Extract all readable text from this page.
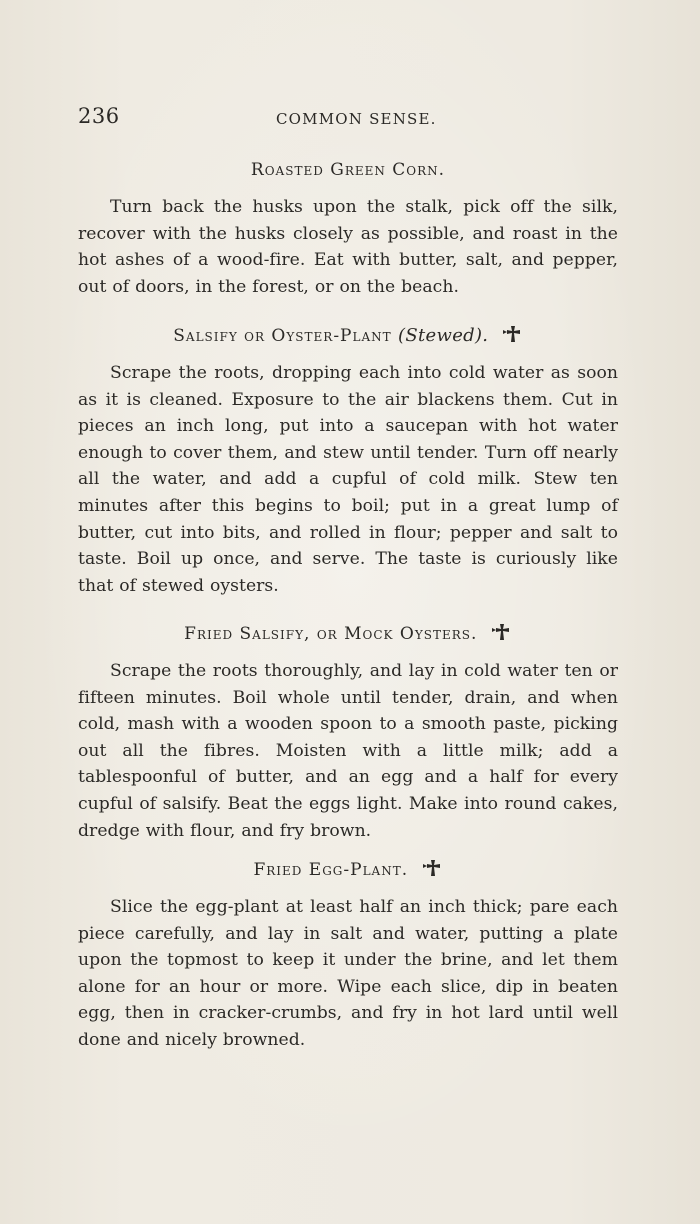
236	COMMON SENSE.
Roasted Green Corn.
Turn back the husks upon the stalk, pick off the silk, recover with the husks closely as possible, and roast in the hot ashes of a wood-fire. Eat with butter, salt, and pepper, out of doors, in the forest, or on the beach.
Salsify or Oyster-Plant (Stewed).
Scrape the roots, dropping each into cold water as soon as it is cleaned. Exposure to the air blackens them. Cut in pieces an inch long, put into a saucepan with hot water enough to cover them, and stew until tender. Turn off nearly all the water, and add a cupful of cold milk. Stew ten minutes after this begins to boil; put in a great lump of butter, cut into bits, and rolled in flour; pepper and salt to taste. Boil up once, and serve. The taste is curiously like that of stewed oysters.
Fried Salsify, or Mock Oysters.
Scrape the roots thoroughly, and lay in cold water ten or fifteen minutes. Boil whole until tender, drain, and when cold, mash with a wooden spoon to a smooth paste, picking out all the fibres. Moisten with a little milk; add a tablespoonful of butter, and an egg and a half for every cupful of salsify. Beat the eggs light. Make into round cakes, dredge with flour, and fry brown.
Fried Egg-Plant.
Slice the egg-plant at least half an inch thick; pare each piece carefully, and lay in salt and water, putting a plate upon the topmost to keep it under the brine, and let them alone for an hour or more. Wipe each slice, dip in beaten egg, then in cracker-crumbs, and fry in hot lard until well done and nicely browned.
